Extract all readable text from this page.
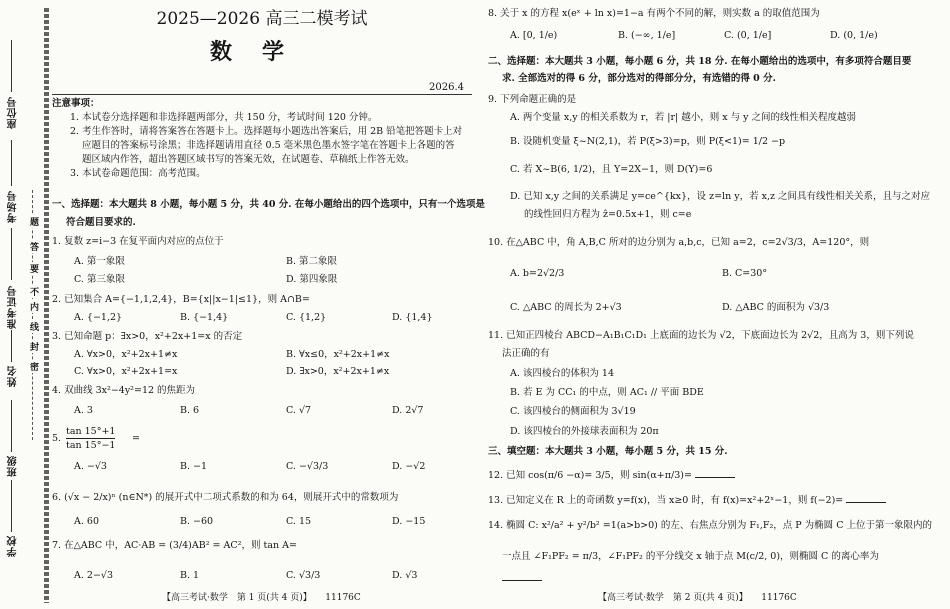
座位号
考场号
准考证号
姓名
班级
学校
题
答
要
不
内
线
封
密
2025—2026 高三二模考试
数学
2026.4
注意事项：
1. 本试卷分选择题和非选择题两部分，共 150 分，考试时间 120 分钟。
2. 考生作答时，请将答案答在答题卡上。选择题每小题选出答案后，用 2B 铅笔把答题卡上对
应题目的答案标号涂黑；非选择题请用直径 0.5 毫米黑色墨水签字笔在答题卡上各题的答
题区域内作答，超出答题区域书写的答案无效，在试题卷、草稿纸上作答无效。
3. 本试卷命题范围：高考范围。
一、选择题：本大题共 8 小题，每小题 5 分，共 40 分. 在每小题给出的四个选项中，只有一个选项是
符合题目要求的.
1. 复数 z=i−3 在复平面内对应的点位于
A. 第一象限	B. 第二象限
C. 第三象限	D. 第四象限
2. 已知集合 A={−1,1,2,4}，B={x||x−1|≤1}，则 A∩B=
A. {−1,2}	B. {−1,4}	C. {1,2}	D. {1,4}
3. 已知命题 p：∃x>0，x²+2x+1=x 的否定
A. ∀x>0，x²+2x+1≠x	B. ∀x≤0，x²+2x+1≠x
C. ∀x>0，x²+2x+1=x	D. ∃x>0，x²+2x+1≠x
4. 双曲线 3x²−4y²=12 的焦距为
A. 3	B. 6	C. √7	D. 2√7
5.
tan 15°+1
tan 15°−1
=
A. −√3	B. −1	C. −√3/3	D. −√2
6. (√x − 2/x)ⁿ (n∈N*) 的展开式中二项式系数的和为 64，则展开式中的常数项为
A. 60	B. −60	C. 15	D. −15
7. 在△ABC 中，AC·AB = (3/4)AB² = AC²，则 tan A=
A. 2−√3	B. 1	C. √3/3	D. √3
【高三考试·数学　第 1 页(共 4 页)】　　11176C
8. 关于 x 的方程 x(eˣ + ln x)=1−a 有两个不同的解，则实数 a 的取值范围为
A. [0, 1/e)	B. (−∞, 1/e]	C. (0, 1/e]	D. (0, 1/e)
二、选择题：本大题共 3 小题，每小题 6 分，共 18 分. 在每小题给出的选项中，有多项符合题目要
求. 全部选对的得 6 分，部分选对的得部分分，有选错的得 0 分.
9. 下列命题正确的是
A. 两个变量 x,y 的相关系数为 r，若 |r| 越小，则 x 与 y 之间的线性相关程度越弱
B. 设随机变量 ξ~N(2,1)，若 P(ξ>3)=p，则 P(ξ<1)= 1/2 −p
C. 若 X~B(6, 1/2)，且 Y=2X−1，则 D(Y)=6
D. 已知 x,y 之间的关系满足 y=ce^{kx}，设 z=ln y，若 x,z 之间具有线性相关关系，且与之对应
的线性回归方程为 ẑ=0.5x+1，则 c=e
10. 在△ABC 中，角 A,B,C 所对的边分别为 a,b,c，已知 a=2，c=2√3/3，A=120°，则
A. b=2√2/3	B. C=30°
C. △ABC 的周长为 2+√3	D. △ABC 的面积为 √3/3
11. 已知正四棱台 ABCD−A₁B₁C₁D₁ 上底面的边长为 √2，下底面边长为 2√2，且高为 3，则下列说
法正确的有
A. 该四棱台的体积为 14
B. 若 E 为 CC₁ 的中点，则 AC₁ // 平面 BDE
C. 该四棱台的侧面积为 3√19
D. 该四棱台的外接球表面积为 20π
三、填空题：本大题共 3 小题，每小题 5 分，共 15 分.
12. 已知 cos(π/6 −α)= 3/5，则 sin(α+π/3)=
13. 已知定义在 R 上的奇函数 y=f(x)，当 x≥0 时，有 f(x)=x²+2ˣ−1，则 f(−2)=
14. 椭圆 C: x²/a² + y²/b² =1(a>b>0) 的左、右焦点分别为 F₁,F₂，点 P 为椭圆 C 上位于第一象限内的
一点且 ∠F₁PF₂ = π/3，∠F₁PF₂ 的平分线交 x 轴于点 M(c/2, 0)，则椭圆 C 的离心率为
【高三考试·数学　第 2 页(共 4 页)】　　11176C
